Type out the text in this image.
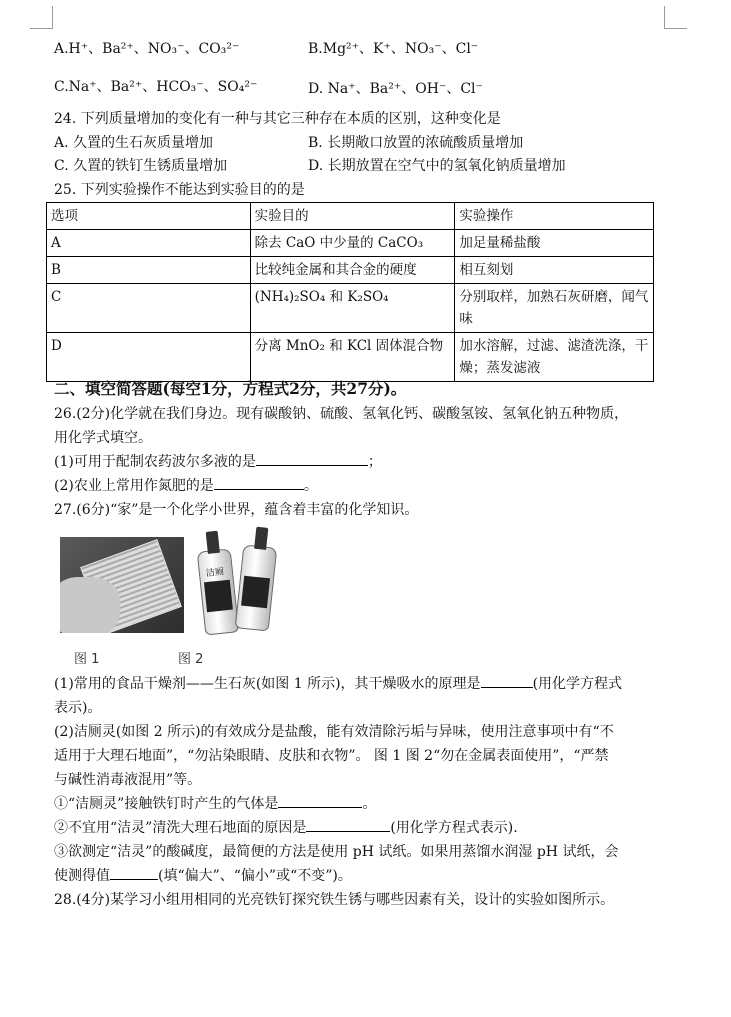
A.H⁺、Ba²⁺、NO₃⁻、CO₃²⁻	B.Mg²⁺、K⁺、NO₃⁻、Cl⁻
C.Na⁺、Ba²⁺、HCO₃⁻、SO₄²⁻	D. Na⁺、Ba²⁺、OH⁻、Cl⁻
24. 下列质量增加的变化有一种与其它三种存在本质的区别，这种变化是
A. 久置的生石灰质量增加	B. 长期敞口放置的浓硫酸质量增加
C. 久置的铁钉生锈质量增加	D. 长期放置在空气中的氢氧化钠质量增加
25. 下列实验操作不能达到实验目的的是
选项	实验目的	实验操作
A	除去 CaO 中少量的 CaCO₃	加足量稀盐酸
B	比较纯金属和其合金的硬度	相互刻划
C	(NH₄)₂SO₄ 和 K₂SO₄	分别取样，加熟石灰研磨，闻气味
D	分离 MnO₂ 和 KCl 固体混合物	加水溶解，过滤、滤渣洗涤，干燥；蒸发滤液
二、填空简答题(每空1分，方程式2分，共27分)。
26.(2分)化学就在我们身边。现有碳酸钠、硫酸、氢氧化钙、碳酸氢铵、氢氧化钠五种物质，
用化学式填空。
(1)可用于配制农药波尔多液的是	；
(2)农业上常用作氮肥的是	。
27.(6分)“家”是一个化学小世界，蕴含着丰富的化学知识。
洁厕灵
图 1	图 2
(1)常用的食品干燥剂——生石灰(如图 1 所示)，其干燥吸水的原理是	(用化学方程式
表示)。
(2)洁厕灵(如图 2 所示)的有效成分是盐酸，能有效清除污垢与异味，使用注意事项中有“不
适用于大理石地面”，“勿沾染眼睛、皮肤和衣物”。 图 1 图 2“勿在金属表面使用”，“严禁
与碱性消毒液混用”等。
①“洁厕灵”接触铁钉时产生的气体是	。
②不宜用“洁灵”清洗大理石地面的原因是	(用化学方程式表示).
③欲测定“洁灵”的酸碱度，最简便的方法是使用 pH 试纸。如果用蒸馏水润湿 pH 试纸，会
使测得值	(填“偏大”、“偏小”或“不变”)。
28.(4分)某学习小组用相同的光亮铁钉探究铁生锈与哪些因素有关，设计的实验如图所示。
